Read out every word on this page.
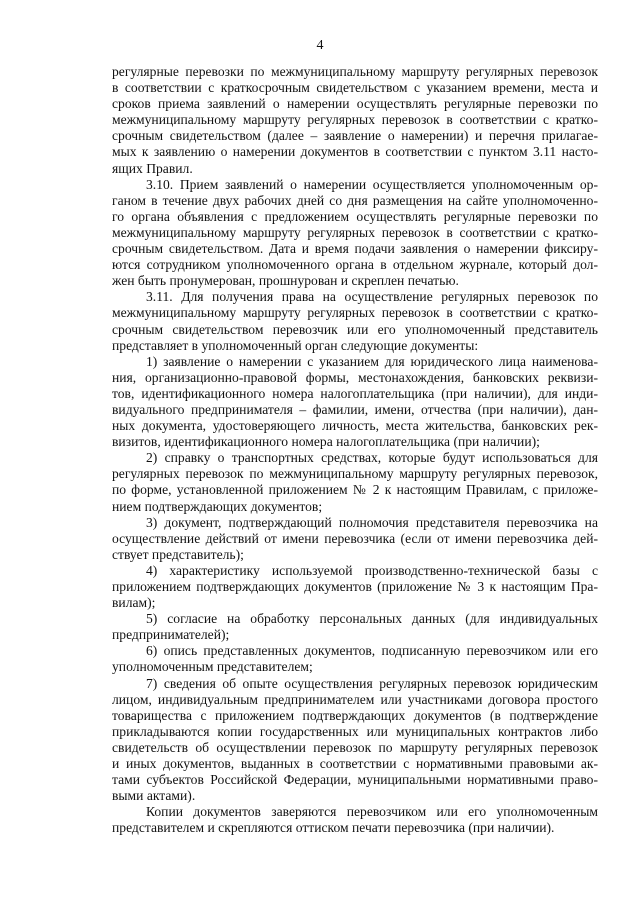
4

регулярные перевозки по межмуниципальному маршруту регулярных перевозок
в соответствии с краткосрочным свидетельством с указанием времени, места и
сроков приема заявлений о намерении осуществлять регулярные перевозки по
межмуниципальному маршруту регулярных перевозок в соответствии с кратко-
срочным свидетельством (далее – заявление о намерении) и перечня прилагае-
мых к заявлению о намерении документов в соответствии с пунктом 3.11 насто-
ящих Правил.

3.10. Прием заявлений о намерении осуществляется уполномоченным ор-
ганом в течение двух рабочих дней со дня размещения на сайте уполномоченно-
го органа объявления с предложением осуществлять регулярные перевозки по
межмуниципальному маршруту регулярных перевозок в соответствии с кратко-
срочным свидетельством. Дата и время подачи заявления о намерении фиксиру-
ются сотрудником уполномоченного органа в отдельном журнале, который дол-
жен быть пронумерован, прошнурован и скреплен печатью.

3.11. Для получения права на осуществление регулярных перевозок по
межмуниципальному маршруту регулярных перевозок в соответствии с кратко-
срочным свидетельством перевозчик или его уполномоченный представитель
представляет в уполномоченный орган следующие документы:

1) заявление о намерении с указанием для юридического лица наименова-
ния, организационно-правовой формы, местонахождения, банковских реквизи-
тов, идентификационного номера налогоплательщика (при наличии), для инди-
видуального предпринимателя – фамилии, имени, отчества (при наличии), дан-
ных документа, удостоверяющего личность, места жительства, банковских рек-
визитов, идентификационного номера налогоплательщика (при наличии);

2) справку о транспортных средствах, которые будут использоваться для
регулярных перевозок по межмуниципальному маршруту регулярных перевозок,
по форме, установленной приложением № 2 к настоящим Правилам, с приложе-
нием подтверждающих документов;

3) документ, подтверждающий полномочия представителя перевозчика на
осуществление действий от имени перевозчика (если от имени перевозчика дей-
ствует представитель);

4) характеристику используемой производственно-технической базы с
приложением подтверждающих документов (приложение № 3 к настоящим Пра-
вилам);

5) согласие на обработку персональных данных (для индивидуальных
предпринимателей);

6) опись представленных документов, подписанную перевозчиком или его
уполномоченным представителем;

7) сведения об опыте осуществления регулярных перевозок юридическим
лицом, индивидуальным предпринимателем или участниками договора простого
товарищества с приложением подтверждающих документов (в подтверждение
прикладываются копии государственных или муниципальных контрактов либо
свидетельств об осуществлении перевозок по маршруту регулярных перевозок
и иных документов, выданных в соответствии с нормативными правовыми ак-
тами субъектов Российской Федерации, муниципальными нормативными право-
выми актами).

Копии документов заверяются перевозчиком или его уполномоченным
представителем и скрепляются оттиском печати перевозчика (при наличии).
